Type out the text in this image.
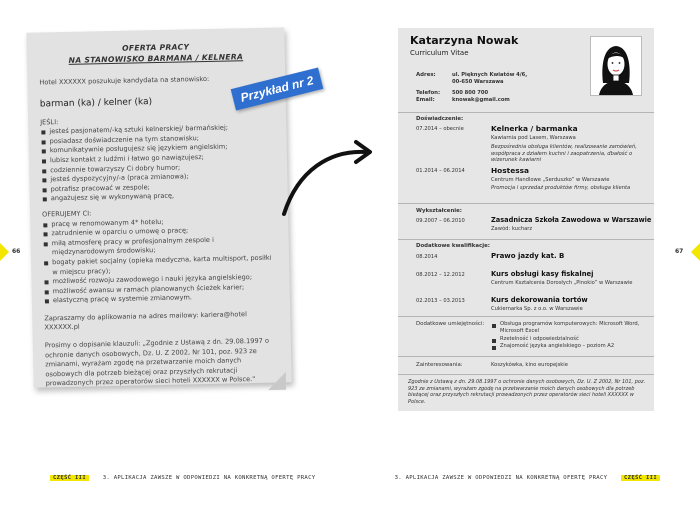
OFERTA PRACY
NA STANOWISKO BARMANA / KELNERA

Hotel XXXXXX poszukuje kandydata na stanowisko:

barman (ka) / kelner (ka)

JEŚLI:

jesteś pasjonatem/-ką sztuki kelnerskiej/ barmańskiej;
posiadasz doświadczenie na tym stanowisku;
komunikatywnie posługujesz się językiem angielskim;
lubisz kontakt z ludźmi i łatwo go nawiązujesz;
codziennie towarzyszy Ci dobry humor;
jesteś dyspozycyjny/-a (praca zmianowa);
potrafisz pracować w zespole;
angażujesz się w wykonywaną pracę,

OFERUJEMY CI:

pracę w renomowanym 4* hotelu;
zatrudnienie w oparciu o umowę o pracę;
miłą atmosferę pracy w profesjonalnym zespole i międzynarodowym środowisku;
bogaty pakiet socjalny (opieka medyczna, karta multisport, posiłki w miejscu pracy);
możliwość rozwoju zawodowego i nauki języka angielskiego;
możliwość awansu w ramach planowanych ścieżek karier;
elastyczną pracę w systemie zmianowym.

Zapraszamy do aplikowania na adres mailowy: kariera@hotel XXXXXX.pl

Prosimy o dopisanie klauzuli: „Zgodnie z Ustawą z dn. 29.08.1997 o ochronie danych osobowych, Dz. U. Z 2002, Nr 101, poz. 923 ze zmianami, wyrażam zgodę na przetwarzanie moich danych osobowych dla potrzeb bieżącej oraz przyszłych rekrutacji prowadzonych przez operatorów sieci hoteli XXXXXX w Polsce."

Przykład nr 2
Katarzyna Nowak
Curriculum Vitae
Adres:	ul. Pięknych Kwiatów 4/6,
00-650 Warszawa
Telefon: 500 800 700
Email:	knowak@gmail.com
Doświadczenie:
07.2014 – obecnie	Kelnerka / barmanka
Kawiarnia pod Lasem, Warszawa
Bezpośrednia obsługa klientów, realizowanie zamówień, współpraca z działem kuchni i zaopatrzenia, dbałość o wizerunek kawiarni
01.2014 – 06.2014	Hostessa
Centrum Handlowe „Serduszko” w Warszawie
Promocja i sprzedaż produktów firmy, obsługa klienta
Wykształcenie:
09.2007 – 06.2010	Zasadnicza Szkoła Zawodowa w Warszawie
Zawód: kucharz
Dodatkowe kwalifikacje:
08.2014	Prawo jazdy kat. B
08.2012 – 12.2012	Kurs obsługi kasy fiskalnej
Centrum Kształcenia Dorosłych „Pinokio” w Warszawie
02.2013 – 03.2013	Kurs dekorowania tortów
Cukiernarka Sp. z o.o. w Warszawie
Dodatkowe umiejętności:	Obsługa programów komputerowych: Microsoft Word, Microsoft Excel
Rzetelność i odpowiedzialność
Znajomość języka angielskiego – poziom A2
Zainteresowania:	Koszykówka, kino europejskie
Zgodnie z Ustawą z dn. 29.08.1997 o ochronie danych osobowych, Dz. U. Z 2002, Nr 101, poz. 923 ze zmianami, wyrażam zgodę na przetwarzanie moich danych osobowych dla potrzeb bieżącej oraz przyszłych rekrutacji prowadzonych przez operatorów sieci hoteli XXXXXX w Polsce.
66	67
CZĘŚĆ III	3. APLIKACJA ZAWSZE W ODPOWIEDZI NA KONKRETNĄ OFERTĘ PRACY	3. APLIKACJA ZAWSZE W ODPOWIEDZI NA KONKRETNĄ OFERTĘ PRACY	CZĘŚĆ III
